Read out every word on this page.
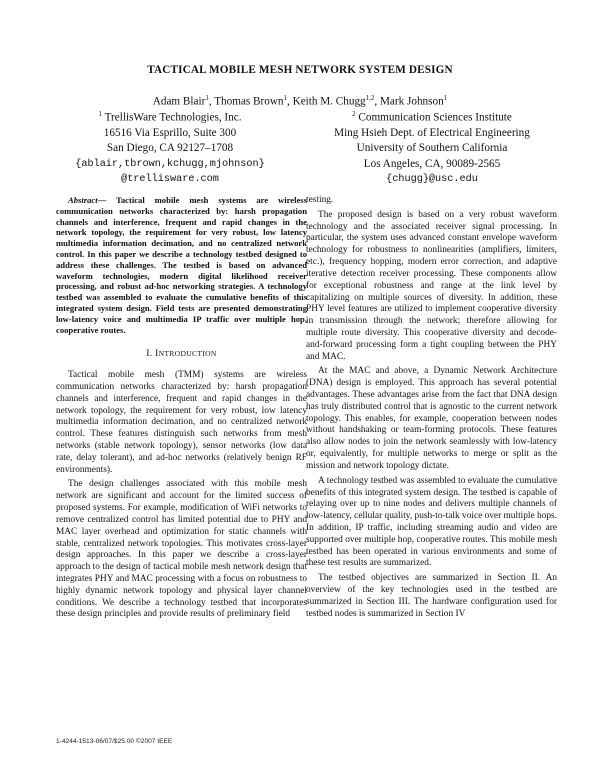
TACTICAL MOBILE MESH NETWORK SYSTEM DESIGN
Adam Blair$^1$, Thomas Brown$^1$, Keith M. Chugg$^{1,2}$, Mark Johnson$^1$
$^1$ TrellisWare Technologies, Inc.
16516 Via Esprillo, Suite 300
San Diego, CA 92127–1708
{ablair,tbrown,kchugg,mjohnson}
@trellisware.com
$^2$ Communication Sciences Institute
Ming Hsieh Dept. of Electrical Engineering
University of Southern California
Los Angeles, CA, 90089-2565
{chugg}@usc.edu

Abstract— Tactical mobile mesh systems are wireless communication networks characterized by: harsh propagation channels and interference, frequent and rapid changes in the network topology, the requirement for very robust, low latency multimedia information decimation, and no centralized network control. In this paper we describe a technology testbed designed to address these challenges. The testbed is based on advanced waveform technologies, modern digital likelihood receiver processing, and robust ad-hoc networking strategies. A technology testbed was assembled to evaluate the cumulative benefits of this integrated system design. Field tests are presented demonstrating low-latency voice and multimedia IP traffic over multiple hop, cooperative routes.

I. INTRODUCTION

Tactical mobile mesh (TMM) systems are wireless communication networks characterized by: harsh propagation channels and interference, frequent and rapid changes in the network topology, the requirement for very robust, low latency multimedia information decimation, and no centralized network control. These features distinguish such networks from mesh networks (stable network topology), sensor networks (low data rate, delay tolerant), and ad-hoc networks (relatively benign RF environments).

The design challenges associated with this mobile mesh network are significant and account for the limited success of proposed systems. For example, modification of WiFi networks to remove centralized control has limited potential due to PHY and MAC layer overhead and optimization for static channels with stable, centralized network topologies. This motivates cross-layer design approaches. In this paper we describe a cross-layer approach to the design of tactical mobile mesh network design that integrates PHY and MAC processing with a focus on robustness to highly dynamic network topology and physical layer channel conditions. We describe a technology testbed that incorporates these design principles and provide results of preliminary field

testing.

The proposed design is based on a very robust waveform technology and the associated receiver signal processing. In particular, the system uses advanced constant envelope waveform technology for robustness to nonlinearities (amplifiers, limiters, etc.), frequency hopping, modern error correction, and adaptive iterative detection receiver processing. These components allow for exceptional robustness and range at the link level by capitalizing on multiple sources of diversity. In addition, these PHY level features are utilized to implement cooperative diversity in transmission through the network; therefore allowing for multiple route diversity. This cooperative diversity and decode-and-forward processing form a tight coupling between the PHY and MAC.

At the MAC and above, a Dynamic Network Architecture (DNA) design is employed. This approach has several potential advantages. These advantages arise from the fact that DNA design has truly distributed control that is agnostic to the current network topology. This enables, for example, cooperation between nodes without handshaking or team-forming protocols. These features also allow nodes to join the network seamlessly with low-latency or, equivalently, for multiple networks to merge or split as the mission and network topology dictate.

A technology testbed was assembled to evaluate the cumulative benefits of this integrated system design. The testbed is capable of relaying over up to nine nodes and delivers multiple channels of low-latency, cellular quality, push-to-talk voice over multiple hops. In addition, IP traffic, including streaming audio and video are supported over multiple hop, cooperative routes. This mobile mesh testbed has been operated in various environments and some of these test results are summarized.

The testbed objectives are summarized in Section II. An overview of the key technologies used in the testbed are summarized in Section III. The hardware configuration used for testbed nodes is summarized in Section IV

1-4244-1513-06/07/$25.00 ©2007 IEEE
